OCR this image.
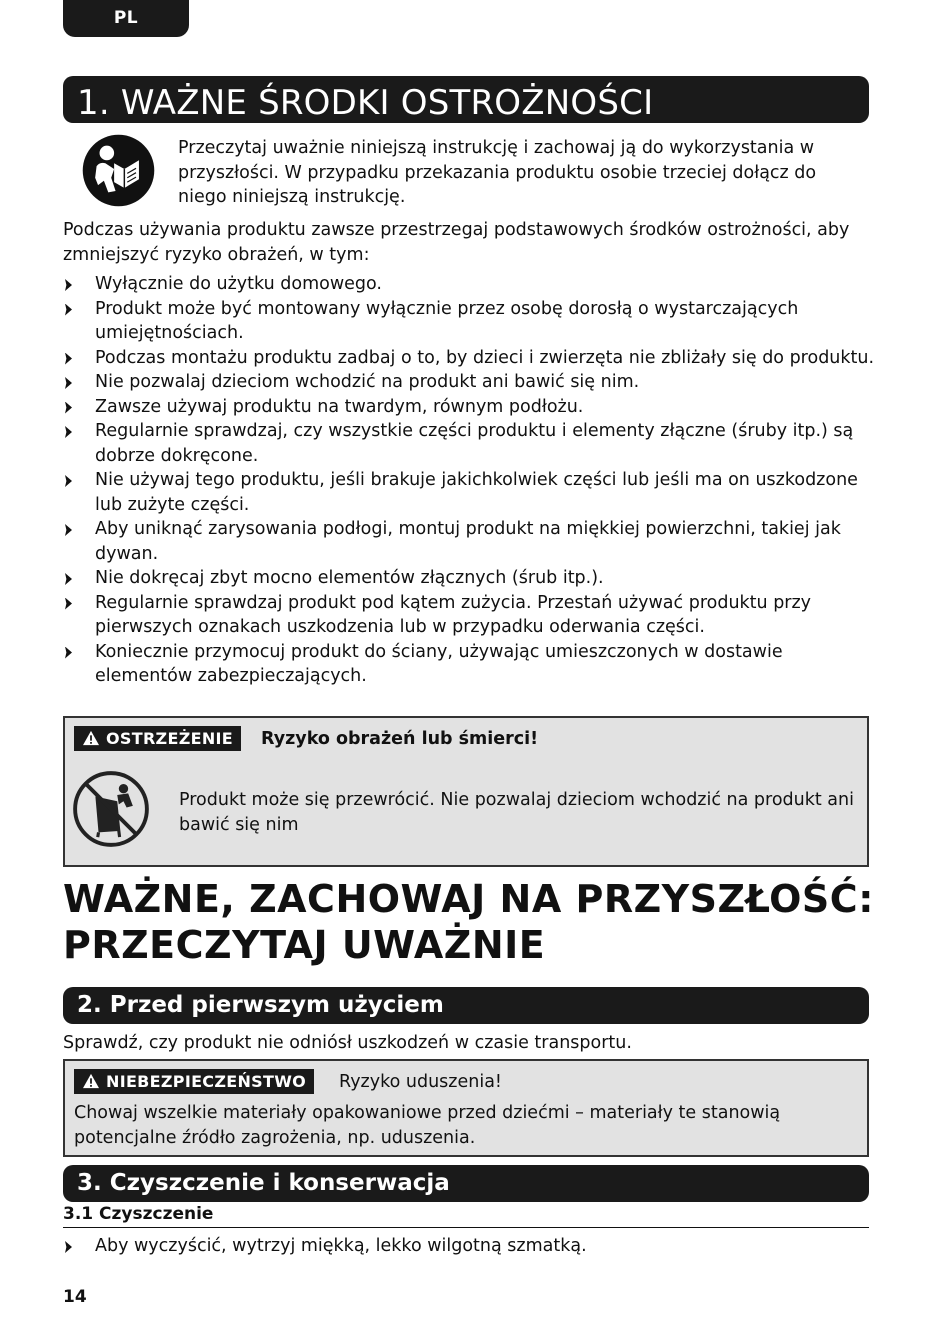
PL
1. WAŻNE ŚRODKI OSTROŻNOŚCI
Przeczytaj uważnie niniejszą instrukcję i zachowaj ją do wykorzystania w przyszłości. W przypadku przekazania produktu osobie trzeciej dołącz do niego niniejszą instrukcję.
Podczas używania produktu zawsze przestrzegaj podstawowych środków ostrożności, aby zmniejszyć ryzyko obrażeń, w tym:
Wyłącznie do użytku domowego.
Produkt może być montowany wyłącznie przez osobę dorosłą o wystarczających umiejętnościach.
Podczas montażu produktu zadbaj o to, by dzieci i zwierzęta nie zbliżały się do produktu.
Nie pozwalaj dzieciom wchodzić na produkt ani bawić się nim.
Zawsze używaj produktu na twardym, równym podłożu.
Regularnie sprawdzaj, czy wszystkie części produktu i elementy złączne (śruby itp.) są dobrze dokręcone.
Nie używaj tego produktu, jeśli brakuje jakichkolwiek części lub jeśli ma on uszkodzone lub zużyte części.
Aby uniknąć zarysowania podłogi, montuj produkt na miękkiej powierzchni, takiej jak dywan.
Nie dokręcaj zbyt mocno elementów złącznych (śrub itp.).
Regularnie sprawdzaj produkt pod kątem zużycia. Przestań używać produktu przy pierwszych oznakach uszkodzenia lub w przypadku oderwania części.
Koniecznie przymocuj produkt do ściany, używając umieszczonych w dostawie elementów zabezpieczających.
OSTRZEŻENIE	Ryzyko obrażeń lub śmierci!
Produkt może się przewrócić. Nie pozwalaj dzieciom wchodzić na produkt ani bawić się nim
WAŻNE, ZACHOWAJ NA PRZYSZŁOŚĆ:
PRZECZYTAJ UWAŻNIE
2. Przed pierwszym użyciem
Sprawdź, czy produkt nie odniósł uszkodzeń w czasie transportu.
NIEBEZPIECZEŃSTWO	Ryzyko uduszenia!
Chowaj wszelkie materiały opakowaniowe przed dziećmi – materiały te stanowią potencjalne źródło zagrożenia, np. uduszenia.
3. Czyszczenie i konserwacja
3.1 Czyszczenie
Aby wyczyścić, wytrzyj miękką, lekko wilgotną szmatką.
14
